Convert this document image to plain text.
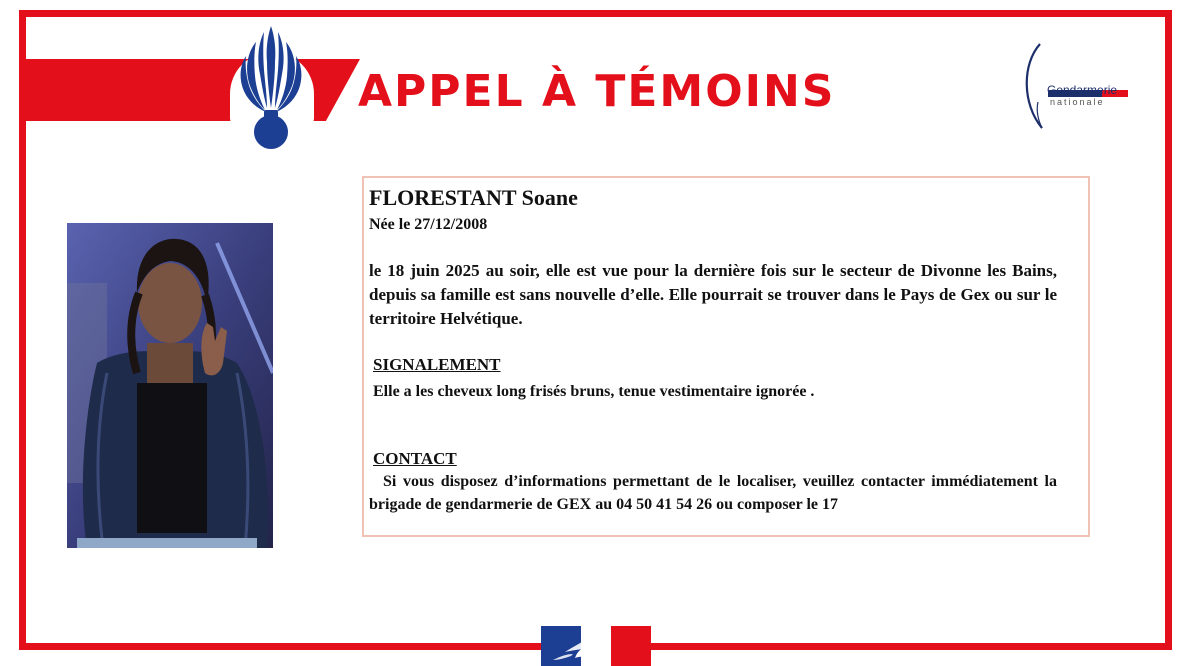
APPEL À TÉMOINS	Gendarmerie
nationale

FLORESTANT Soane

Née le 27/12/2008

le 18 juin 2025 au soir, elle est vue pour la dernière fois sur le secteur de Divonne les Bains, depuis sa famille est sans nouvelle d’elle. Elle pourrait se trouver dans le Pays de Gex ou sur le territoire Helvétique.

SIGNALEMENT

Elle a les cheveux long frisés bruns, tenue vestimentaire ignorée .

CONTACT

Si vous disposez d’informations permettant de le localiser, veuillez contacter immédiatement la brigade de gendarmerie de GEX au 04 50 41 54 26 ou composer le 17
